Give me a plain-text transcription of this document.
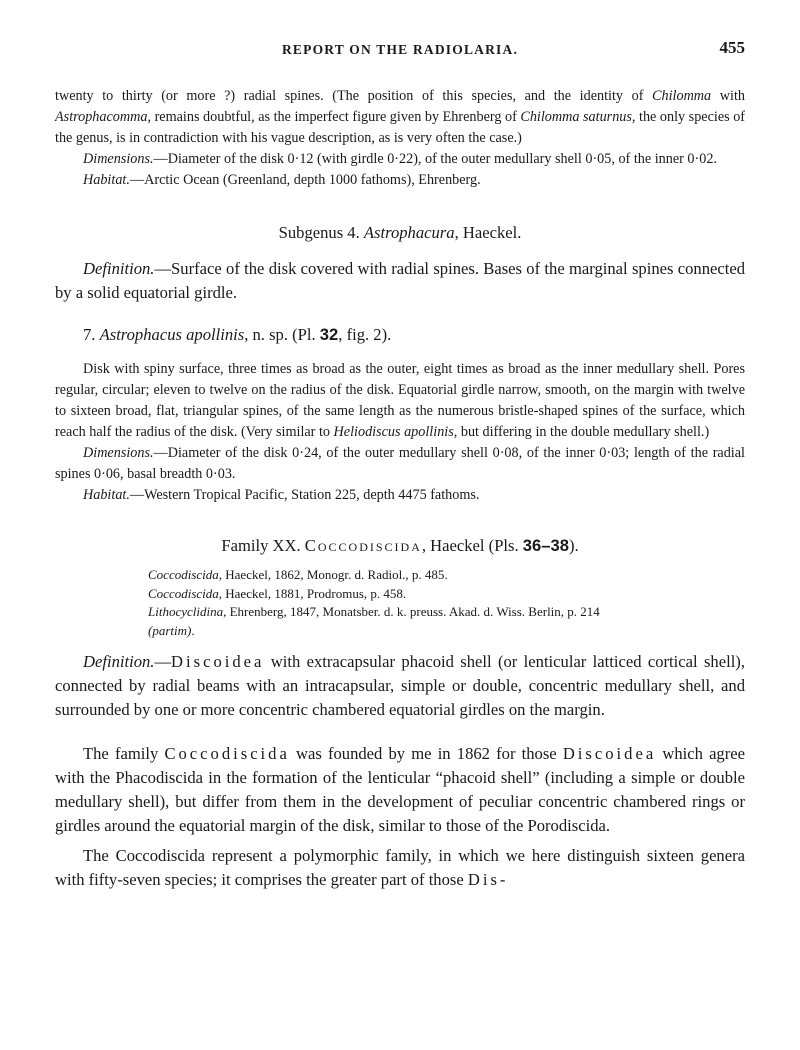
REPORT ON THE RADIOLARIA.	455

twenty to thirty (or more ?) radial spines. (The position of this species, and the identity of Chilomma with Astrophacomma, remains doubtful, as the imperfect figure given by Ehrenberg of Chilomma saturnus, the only species of the genus, is in contradiction with his vague description, as is very often the case.)

Dimensions.—Diameter of the disk 0·12 (with girdle 0·22), of the outer medullary shell 0·05, of the inner 0·02.

Habitat.—Arctic Ocean (Greenland, depth 1000 fathoms), Ehrenberg.

Subgenus 4. Astrophacura, Haeckel.

Definition.—Surface of the disk covered with radial spines. Bases of the marginal spines connected by a solid equatorial girdle.

7. Astrophacus apollinis, n. sp. (Pl. 32, fig. 2).

Disk with spiny surface, three times as broad as the outer, eight times as broad as the inner medullary shell. Pores regular, circular; eleven to twelve on the radius of the disk. Equatorial girdle narrow, smooth, on the margin with twelve to sixteen broad, flat, triangular spines, of the same length as the numerous bristle-shaped spines of the surface, which reach half the radius of the disk. (Very similar to Heliodiscus apollinis, but differing in the double medullary shell.)

Dimensions.—Diameter of the disk 0·24, of the outer medullary shell 0·08, of the inner 0·03; length of the radial spines 0·06, basal breadth 0·03.

Habitat.—Western Tropical Pacific, Station 225, depth 4475 fathoms.

Family XX. Coccodiscida, Haeckel (Pls. 36–38).

Coccodiscida, Haeckel, 1862, Monogr. d. Radiol., p. 485.
Coccodiscida, Haeckel, 1881, Prodromus, p. 458.
Lithocyclidina, Ehrenberg, 1847, Monatsber. d. k. preuss. Akad. d. Wiss. Berlin, p. 214
(partim).

Definition.—Discoidea with extracapsular phacoid shell (or lenticular latticed cortical shell), connected by radial beams with an intracapsular, simple or double, concentric medullary shell, and surrounded by one or more concentric chambered equatorial girdles on the margin.

The family Coccodiscida was founded by me in 1862 for those Discoidea which agree with the Phacodiscida in the formation of the lenticular “phacoid shell” (including a simple or double medullary shell), but differ from them in the development of peculiar concentric chambered rings or girdles around the equatorial margin of the disk, similar to those of the Porodiscida.

The Coccodiscida represent a polymorphic family, in which we here distinguish sixteen genera with fifty-seven species; it comprises the greater part of those Dis-
